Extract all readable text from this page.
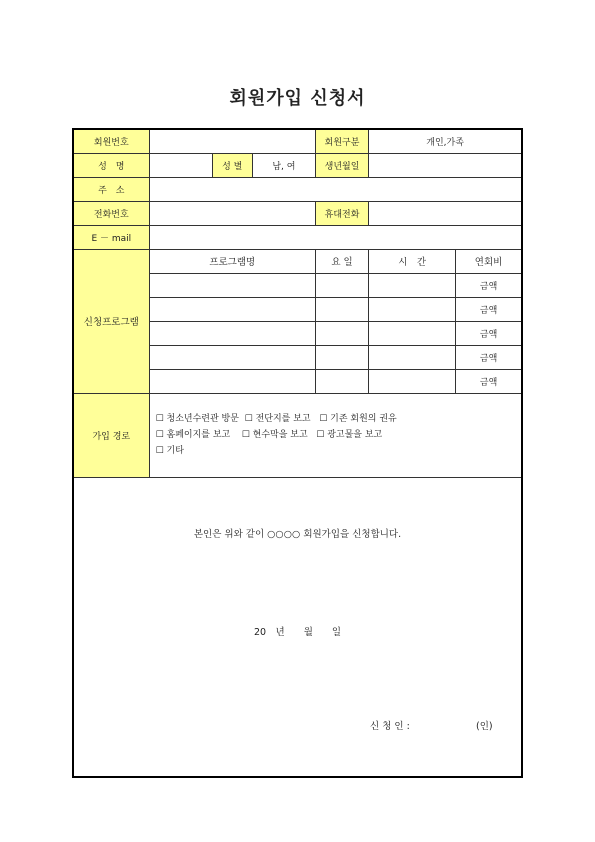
회원가입 신청서
회원번호				회원구분	개인,가족	
성　명		성 별	남, 여	생년월일		
주　소						
전화번호				휴대전화		
E － mail						
신청프로그램	프로그램명			요 일	시　간	연회비
						금액
						금액
						금액
						금액
						금액
가입 경로	☐ 청소년수련관 방문 ☐ 전단지를 보고 ☐ 기존 회원의 권유
☐ 홈페이지를 보고 ☐ 현수막을 보고 ☐ 광고물을 보고
☐ 기타					

본인은 위와 같이 ○○○○ 회원가입을 신청합니다.
20　년　　월　　일
신 청 인 : (인)						
